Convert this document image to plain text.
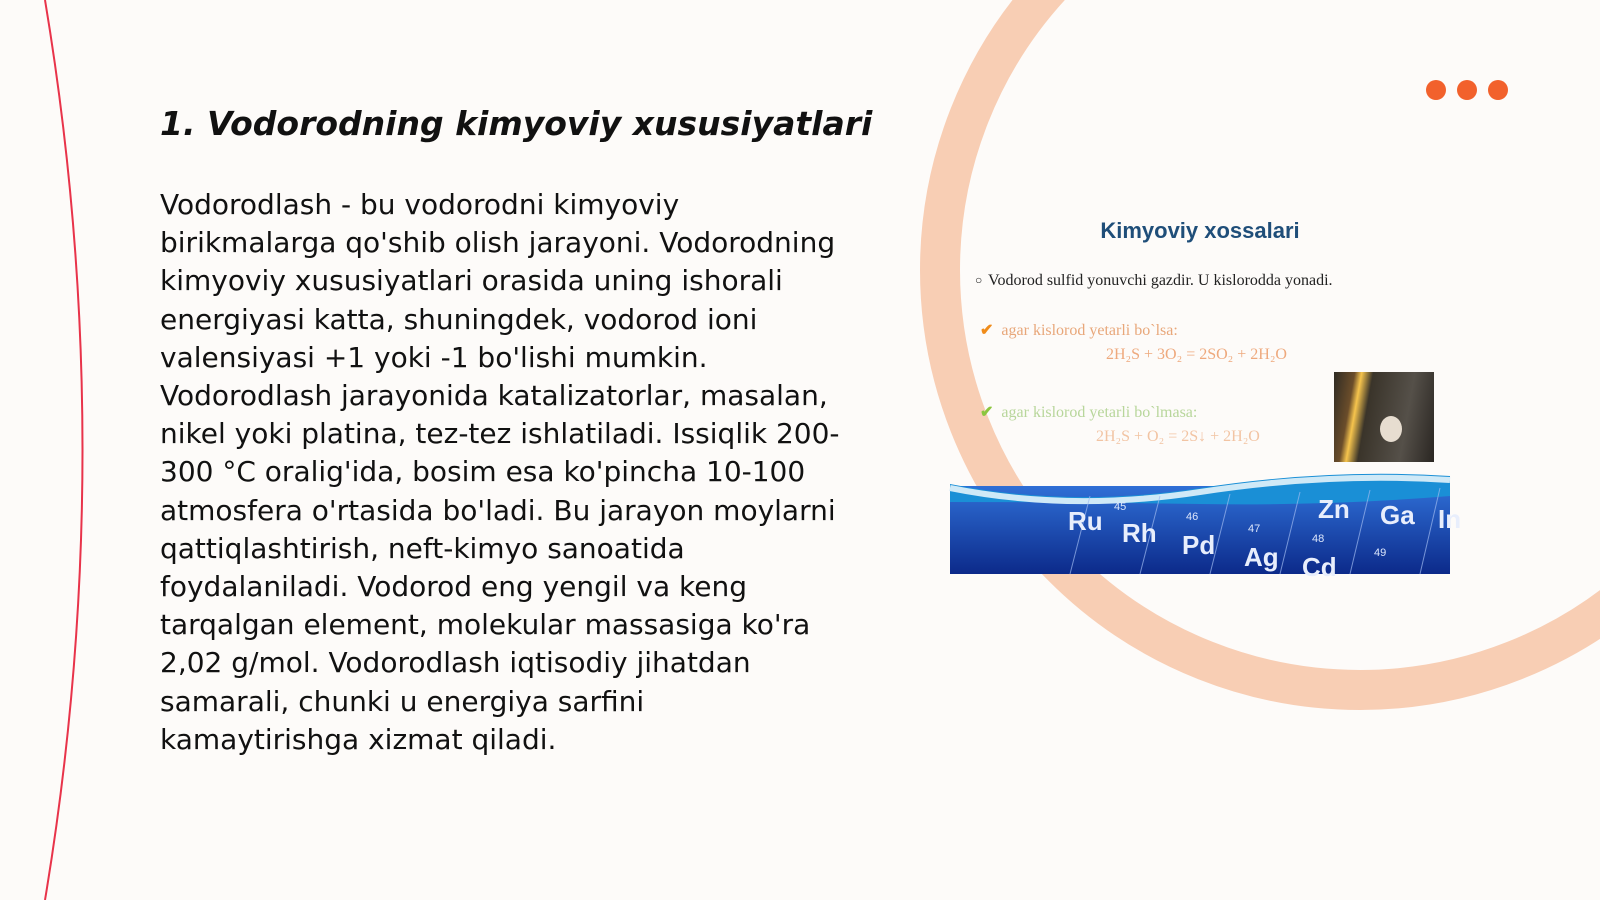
1. Vodorodning kimyoviy xususiyatlari

Vodorodlash - bu vodorodni kimyoviy birikmalarga qo'shib olish jarayoni. Vodorodning kimyoviy xususiyatlari orasida uning ishorali energiyasi katta, shuningdek, vodorod ioni valensiyasi +1 yoki -1 bo'lishi mumkin. Vodorodlash jarayonida katalizatorlar, masalan, nikel yoki platina, tez-tez ishlatiladi. Issiqlik 200-300 °C oralig'ida, bosim esa ko'pincha 10-100 atmosfera o'rtasida bo'ladi. Bu jarayon moylarni qattiqlashtirish, neft-kimyo sanoatida foydalaniladi. Vodorod eng yengil va keng tarqalgan element, molekular massasiga ko'ra 2,02 g/mol. Vodorodlash iqtisodiy jihatdan samarali, chunki u energiya sarfini kamaytirishga xizmat qiladi.

Kimyoviy xossalari
○ Vodorod sulfid yonuvchi gazdir. U kislorodda yonadi.
✔ agar kislorod yetarli bo`lsa:
2H₂S + 3O₂ = 2SO₂ + 2H₂O
✔ agar kislorod yetarli bo`lmasa:
2H₂S + O₂ = 2S↓ + 2H₂O
Ru Rh Pd Ag Cd
Zn Ga In
45
46
47
48
49
